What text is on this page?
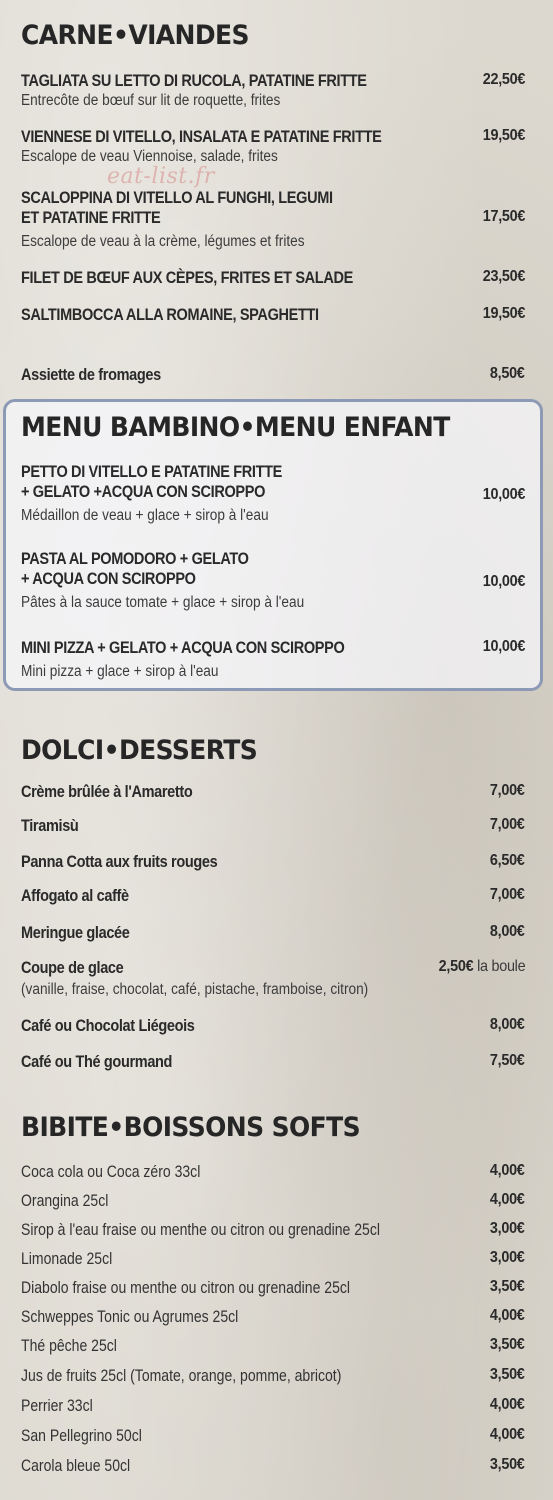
CARNE•VIANDES
TAGLIATA SU LETTO DI RUCOLA, PATATINE FRITTE
Entrecôte de bœuf sur lit de roquette, frites
22,50€
VIENNESE DI VITELLO, INSALATA E PATATINE FRITTE
Escalope de veau Viennoise, salade, frites
19,50€
SCALOPPINA DI VITELLO AL FUNGHI, LEGUMI
ET PATATINE FRITTE
Escalope de veau à la crème, légumes et frites
17,50€
FILET DE BŒUF AUX CÈPES, FRITES ET SALADE	23,50€
SALTIMBOCCA ALLA ROMAINE, SPAGHETTI	19,50€
Assiette de fromages	8,50€
eat-list.fr
MENU BAMBINO•MENU ENFANT
PETTO DI VITELLO E PATATINE FRITTE
+ GELATO +ACQUA CON SCIROPPO
Médaillon de veau + glace + sirop à l'eau
10,00€
PASTA AL POMODORO + GELATO
+ ACQUA CON SCIROPPO
Pâtes à la sauce tomate + glace + sirop à l'eau
10,00€
MINI PIZZA + GELATO + ACQUA CON SCIROPPO
Mini pizza + glace + sirop à l'eau
10,00€
DOLCI•DESSERTS
Crème brûlée à l'Amaretto	7,00€
Tiramisù	7,00€
Panna Cotta aux fruits rouges	6,50€
Affogato al caffè	7,00€
Meringue glacée	8,00€
Coupe de glace
(vanille, fraise, chocolat, café, pistache, framboise, citron)
2,50€ la boule
Café ou Chocolat Liégeois	8,00€
Café ou Thé gourmand	7,50€
BIBITE•BOISSONS SOFTS
Coca cola ou Coca zéro 33cl	4,00€
Orangina 25cl	4,00€
Sirop à l'eau fraise ou menthe ou citron ou grenadine 25cl	3,00€
Limonade 25cl	3,00€
Diabolo fraise ou menthe ou citron ou grenadine 25cl	3,50€
Schweppes Tonic ou Agrumes 25cl	4,00€
Thé pêche 25cl	3,50€
Jus de fruits 25cl (Tomate, orange, pomme, abricot)	3,50€
Perrier 33cl	4,00€
San Pellegrino 50cl	4,00€
Carola bleue 50cl	3,50€
